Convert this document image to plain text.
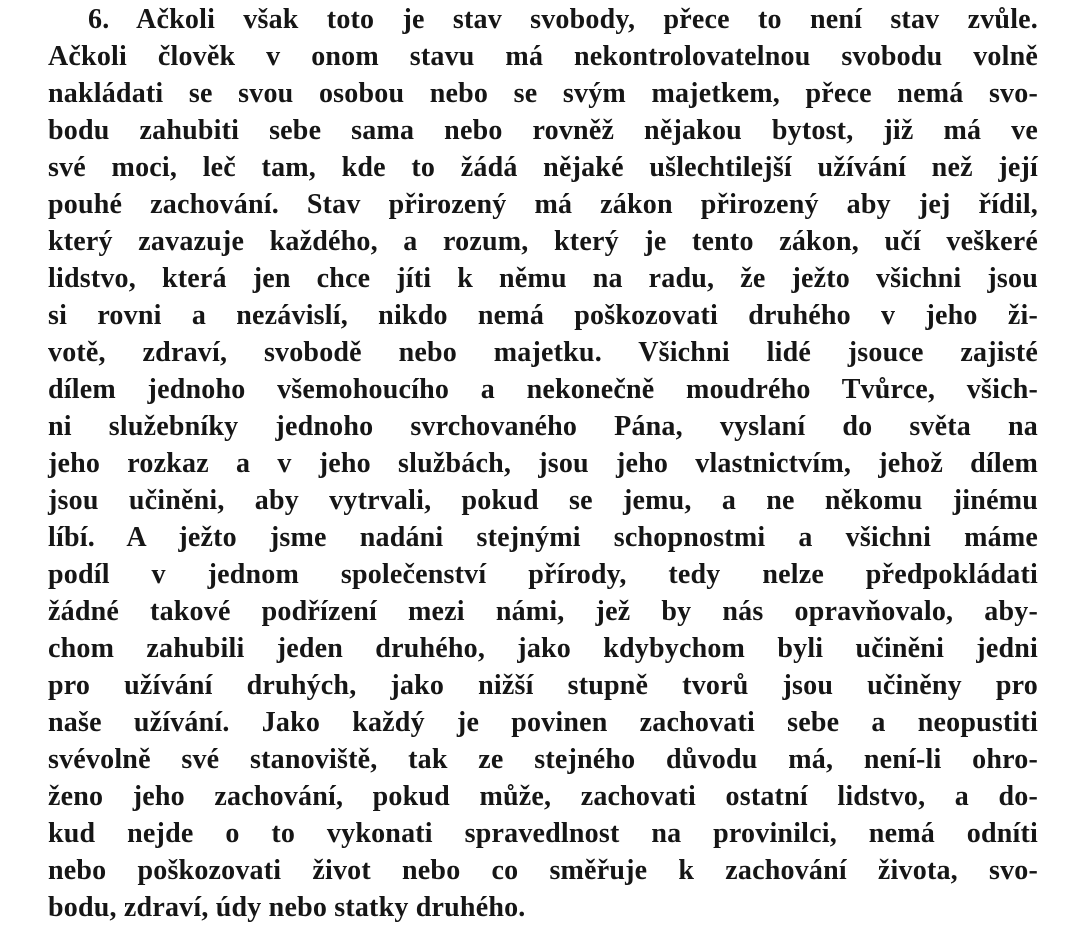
6. Ačkoli však toto je stav svobody, přece to není stav zvůle.
Ačkoli člověk v onom stavu má nekontrolovatelnou svobodu volně
nakládati se svou osobou nebo se svým majetkem, přece nemá svo-
bodu zahubiti sebe sama nebo rovněž nějakou bytost, již má ve
své moci, leč tam, kde to žádá nějaké ušlechtilejší užívání než její
pouhé zachování. Stav přirozený má zákon přirozený aby jej řídil,
který zavazuje každého, a rozum, který je tento zákon, učí veškeré
lidstvo, která jen chce jíti k němu na radu, že ježto všichni jsou
si rovni a nezávislí, nikdo nemá poškozovati druhého v jeho ži-
votě, zdraví, svobodě nebo majetku. Všichni lidé jsouce zajisté
dílem jednoho všemohoucího a nekonečně moudrého Tvůrce, všich-
ni služebníky jednoho svrchovaného Pána, vyslaní do světa na
jeho rozkaz a v jeho službách, jsou jeho vlastnictvím, jehož dílem
jsou učiněni, aby vytrvali, pokud se jemu, a ne někomu jinému
líbí. A ježto jsme nadáni stejnými schopnostmi a všichni máme
podíl v jednom společenství přírody, tedy nelze předpokládati
žádné takové podřízení mezi námi, jež by nás opravňovalo, aby-
chom zahubili jeden druhého, jako kdybychom byli učiněni jedni
pro užívání druhých, jako nižší stupně tvorů jsou učiněny pro
naše užívání. Jako každý je povinen zachovati sebe a neopustiti
svévolně své stanoviště, tak ze stejného důvodu má, není-li ohro-
ženo jeho zachování, pokud může, zachovati ostatní lidstvo, a do-
kud nejde o to vykonati spravedlnost na provinilci, nemá odníti
nebo poškozovati život nebo co směřuje k zachování života, svo-
bodu, zdraví, údy nebo statky druhého.
